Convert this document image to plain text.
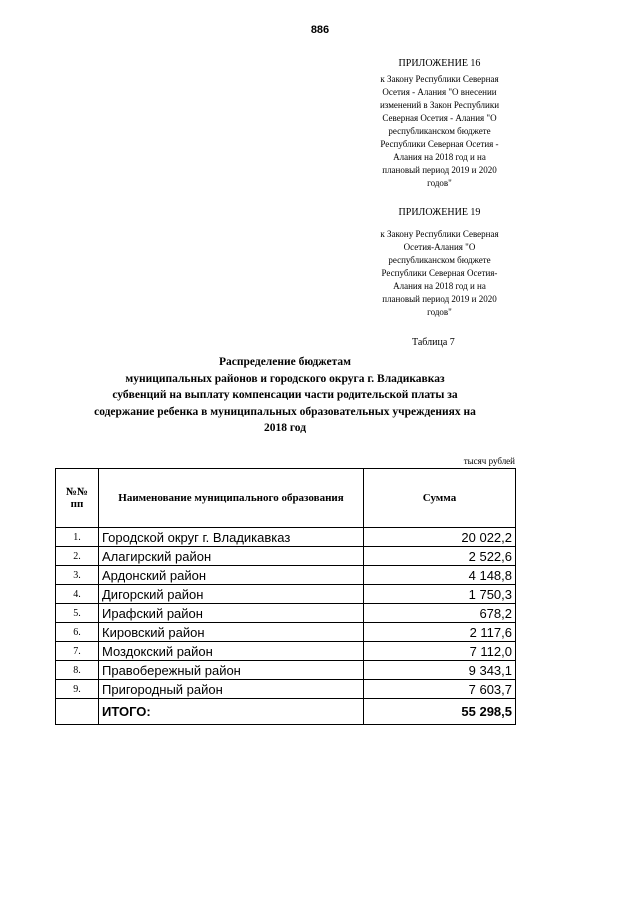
886
ПРИЛОЖЕНИЕ 16
к Закону Республики Северная
Осетия - Алания "О внесении
изменений в Закон Республики
Северная Осетия - Алания "О
республиканском бюджете
Республики Северная Осетия -
Алания на 2018 год и на
плановый период 2019 и 2020
годов"
ПРИЛОЖЕНИЕ 19
к Закону Республики Северная
Осетия-Алания "О
республиканском бюджете
Республики Северная Осетия-
Алания на 2018 год и на
плановый период 2019 и 2020
годов"
Таблица 7
Распределение бюджетам
муниципальных районов и городского округа г. Владикавказ
субвенций на выплату компенсации части родительской платы за
содержание ребенка в муниципальных образовательных учреждениях на
2018 год
тысяч рублей
№№ пп	Наименование муниципального образования	Сумма
1.	Городской округ г. Владикавказ	20 022,2
2.	Алагирский район	2 522,6
3.	Ардонский район	4 148,8
4.	Дигорский район	1 750,3
5.	Ирафский район	678,2
6.	Кировский район	2 117,6
7.	Моздокский район	7 112,0
8.	Правобережный район	9 343,1
9.	Пригородный район	7 603,7
	ИТОГО:	55 298,5
